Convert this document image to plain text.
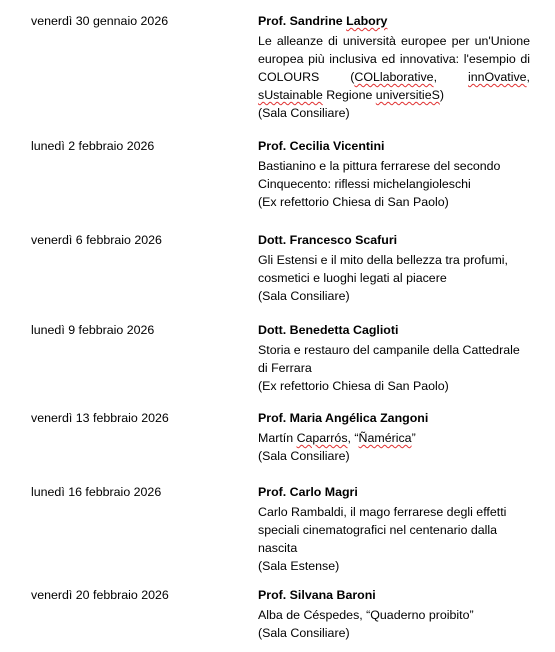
venerdì 30 gennaio 2026	Prof. Sandrine Labory
Le alleanze di università europee per un'Unione europea più inclusiva ed innovativa: l'esempio di COLOURS (COLlaborative, innOvative, sUstainable Regione universitieS)
(Sala Consiliare)
lunedì 2 febbraio 2026	Prof. Cecilia Vicentini
Bastianino e la pittura ferrarese del secondo Cinquecento: riflessi michelangioleschi
(Ex refettorio Chiesa di San Paolo)
venerdì 6 febbraio 2026	Dott. Francesco Scafuri
Gli Estensi e il mito della bellezza tra profumi, cosmetici e luoghi legati al piacere
(Sala Consiliare)
lunedì 9 febbraio 2026	Dott. Benedetta Caglioti
Storia e restauro del campanile della Cattedrale di Ferrara
(Ex refettorio Chiesa di San Paolo)
venerdì 13 febbraio 2026	Prof. Maria Angélica Zangoni
Martín Caparrós, “Ñamérica”
(Sala Consiliare)
lunedì 16 febbraio 2026	Prof. Carlo Magri
Carlo Rambaldi, il mago ferrarese degli effetti speciali cinematografici nel centenario dalla nascita
(Sala Estense)
venerdì 20 febbraio 2026	Prof. Silvana Baroni
Alba de Céspedes, “Quaderno proibito”
(Sala Consiliare)
